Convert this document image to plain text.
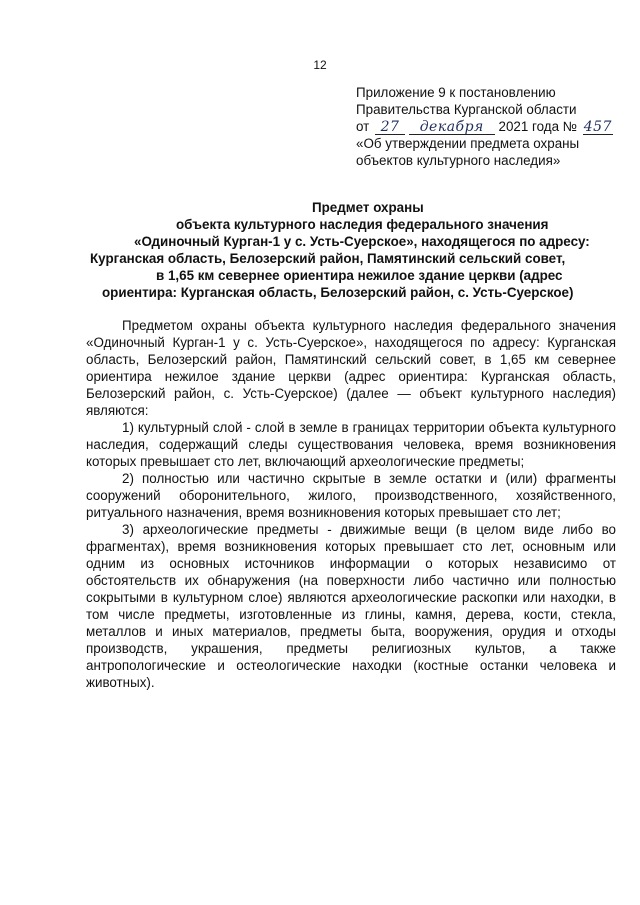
12
Приложение 9 к постановлению
Правительства Курганской области
от 27 декабря 2021 года № 457
«Об утверждении предмета охраны
объектов культурного наследия»
Предмет охраны
объекта культурного наследия федерального значения
«Одиночный Курган-1 у с. Усть-Суерское», находящегося по адресу:
Курганская область, Белозерский район, Памятинский сельский совет,
в 1,65 км севернее ориентира нежилое здание церкви (адрес
ориентира: Курганская область, Белозерский район, с. Усть-Суерское)

Предметом охраны объекта культурного наследия федерального значения «Одиночный Курган-1 у с. Усть-Суерское», находящегося по адресу: Курганская область, Белозерский район, Памятинский сельский совет, в 1,65 км севернее ориентира нежилое здание церкви (адрес ориентира: Курганская область, Белозерский район, с. Усть-Суерское) (далее — объект культурного наследия) являются:

1) культурный слой - слой в земле в границах территории объекта культурного наследия, содержащий следы существования человека, время возникновения которых превышает сто лет, включающий археологические предметы;

2) полностью или частично скрытые в земле остатки и (или) фрагменты сооружений оборонительного, жилого, производственного, хозяйственного, ритуального назначения, время возникновения которых превышает сто лет;

3) археологические предметы - движимые вещи (в целом виде либо во фрагментах), время возникновения которых превышает сто лет, основным или одним из основных источников информации о которых независимо от обстоятельств их обнаружения (на поверхности либо частично или полностью сокрытыми в культурном слое) являются археологические раскопки или находки, в том числе предметы, изготовленные из глины, камня, дерева, кости, стекла, металлов и иных материалов, предметы быта, вооружения, орудия и отходы производств, украшения, предметы религиозных культов, а также антропологические и остеологические находки (костные останки человека и животных).
